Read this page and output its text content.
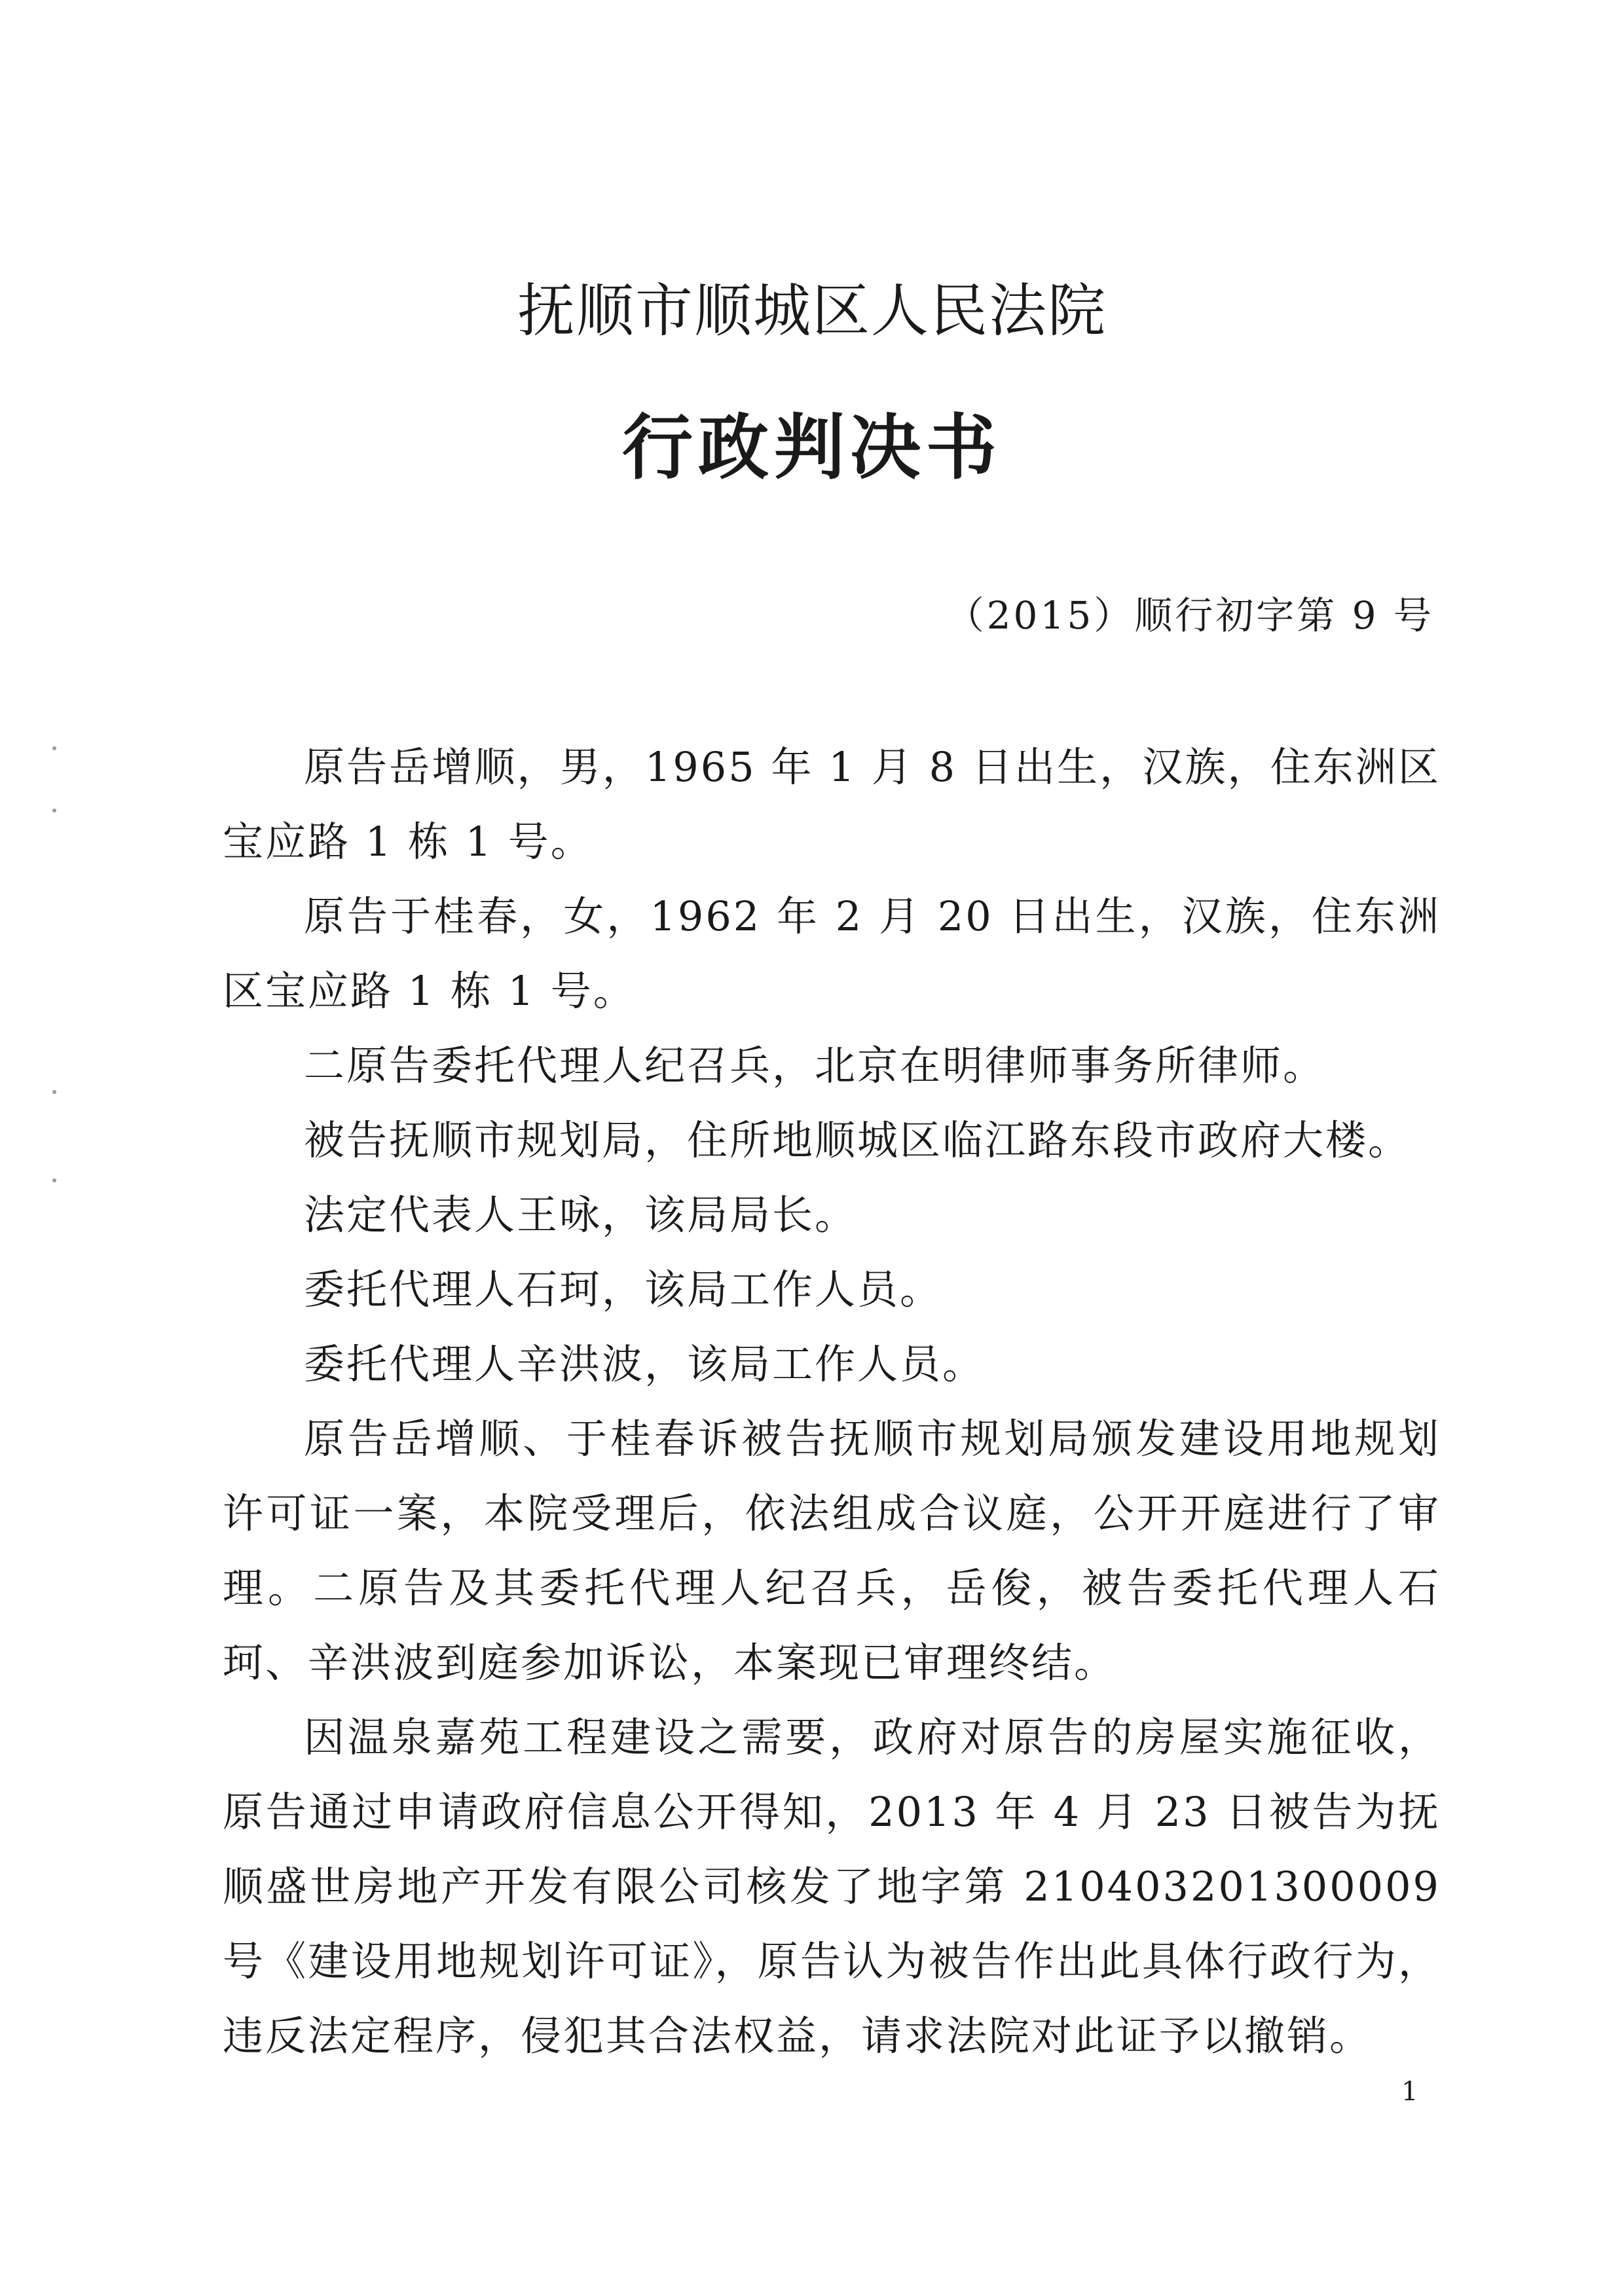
抚顺市顺城区人民法院
行政判决书
（2015）顺行初字第 9 号

原告岳增顺，男，1965 年 1 月 8 日出生，汉族，住东洲区宝应路 1 栋 1 号。

原告于桂春，女，1962 年 2 月 20 日出生，汉族，住东洲区宝应路 1 栋 1 号。

二原告委托代理人纪召兵，北京在明律师事务所律师。

被告抚顺市规划局，住所地顺城区临江路东段市政府大楼。

法定代表人王咏，该局局长。

委托代理人石珂，该局工作人员。

委托代理人辛洪波，该局工作人员。

原告岳增顺、于桂春诉被告抚顺市规划局颁发建设用地规划许可证一案，本院受理后，依法组成合议庭，公开开庭进行了审理。二原告及其委托代理人纪召兵，岳俊，被告委托代理人石珂、辛洪波到庭参加诉讼，本案现已审理终结。

因温泉嘉苑工程建设之需要，政府对原告的房屋实施征收，原告通过申请政府信息公开得知，2013 年 4 月 23 日被告为抚顺盛世房地产开发有限公司核发了地字第 210403201300009 号《建设用地规划许可证》，原告认为被告作出此具体行政行为，违反法定程序，侵犯其合法权益，请求法院对此证予以撤销。

1
